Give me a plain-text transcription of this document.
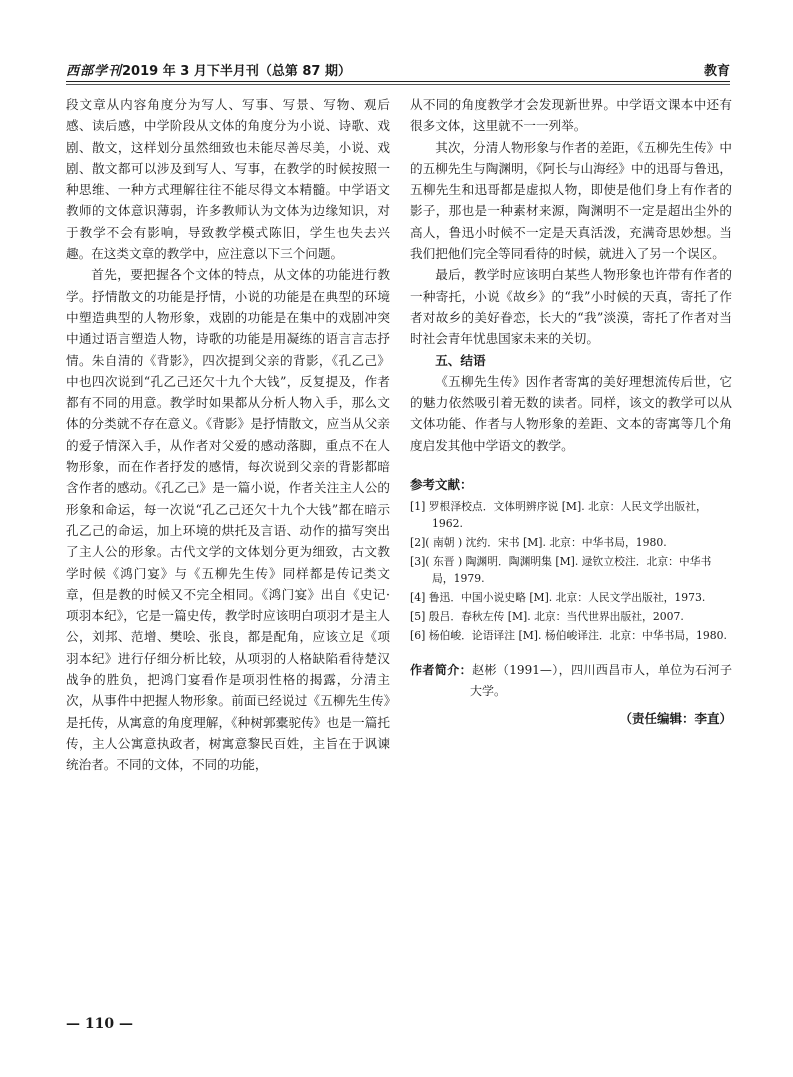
西部学刊2019 年 3 月下半月刊（总第 87 期）	教育

段文章从内容角度分为写人、写事、写景、写物、观后感、读后感，中学阶段从文体的角度分为小说、诗歌、戏剧、散文，这样划分虽然细致也未能尽善尽美，小说、戏剧、散文都可以涉及到写人、写事，在教学的时候按照一种思维、一种方式理解往往不能尽得文本精髓。中学语文教师的文体意识薄弱，许多教师认为文体为边缘知识，对于教学不会有影响，导致教学模式陈旧，学生也失去兴趣。在这类文章的教学中，应注意以下三个问题。

首先，要把握各个文体的特点，从文体的功能进行教学。抒情散文的功能是抒情，小说的功能是在典型的环境中塑造典型的人物形象，戏剧的功能是在集中的戏剧冲突中通过语言塑造人物，诗歌的功能是用凝练的语言言志抒情。朱自清的《背影》，四次提到父亲的背影，《孔乙己》中也四次说到“孔乙己还欠十九个大钱”，反复提及，作者都有不同的用意。教学时如果都从分析人物入手，那么文体的分类就不存在意义。《背影》是抒情散文，应当从父亲的爱子情深入手，从作者对父爱的感动落脚，重点不在人物形象，而在作者抒发的感情，每次说到父亲的背影都暗含作者的感动。《孔乙己》是一篇小说，作者关注主人公的形象和命运，每一次说“孔乙己还欠十九个大钱”都在暗示孔乙己的命运，加上环境的烘托及言语、动作的描写突出了主人公的形象。古代文学的文体划分更为细致，古文教学时候《鸿门宴》与《五柳先生传》同样都是传记类文章，但是教的时候又不完全相同。《鸿门宴》出自《史记·项羽本纪》，它是一篇史传，教学时应该明白项羽才是主人公，刘邦、范增、樊哙、张良，都是配角，应该立足《项羽本纪》进行仔细分析比较，从项羽的人格缺陷看待楚汉战争的胜负，把鸿门宴看作是项羽性格的揭露，分清主次，从事件中把握人物形象。前面已经说过《五柳先生传》是托传，从寓意的角度理解，《种树郭橐驼传》也是一篇托传，主人公寓意执政者，树寓意黎民百姓，主旨在于讽谏统治者。不同的文体，不同的功能，

从不同的角度教学才会发现新世界。中学语文课本中还有很多文体，这里就不一一列举。

其次，分清人物形象与作者的差距，《五柳先生传》中的五柳先生与陶渊明，《阿长与山海经》中的迅哥与鲁迅，五柳先生和迅哥都是虚拟人物，即使是他们身上有作者的影子，那也是一种素材来源，陶渊明不一定是超出尘外的高人，鲁迅小时候不一定是天真活泼，充满奇思妙想。当我们把他们完全等同看待的时候，就进入了另一个误区。

最后，教学时应该明白某些人物形象也许带有作者的一种寄托，小说《故乡》的“我”小时候的天真，寄托了作者对故乡的美好眷恋，长大的“我”淡漠，寄托了作者对当时社会青年忧患国家未来的关切。

五、结语

《五柳先生传》因作者寄寓的美好理想流传后世，它的魅力依然吸引着无数的读者。同样，该文的教学可以从文体功能、作者与人物形象的差距、文本的寄寓等几个角度启发其他中学语文的教学。

参考文献：
[1] 罗根泽校点．文体明辨序说 [M]. 北京：人民文学出版社，1962.
[2]( 南朝 ) 沈约．宋书 [M]. 北京：中华书局，1980.
[3]( 东晋 ) 陶渊明．陶渊明集 [M]. 逯钦立校注．北京：中华书局，1979.
[4] 鲁迅．中国小说史略 [M]. 北京：人民文学出版社，1973.
[5] 殷吕．春秋左传 [M]. 北京：当代世界出版社，2007.
[6] 杨伯峻．论语译注 [M]. 杨伯峻译注．北京：中华书局，1980.
作者简介：赵彬（1991—），四川西昌市人，单位为石河子大学。
（责任编辑：李直）
— 110 —
